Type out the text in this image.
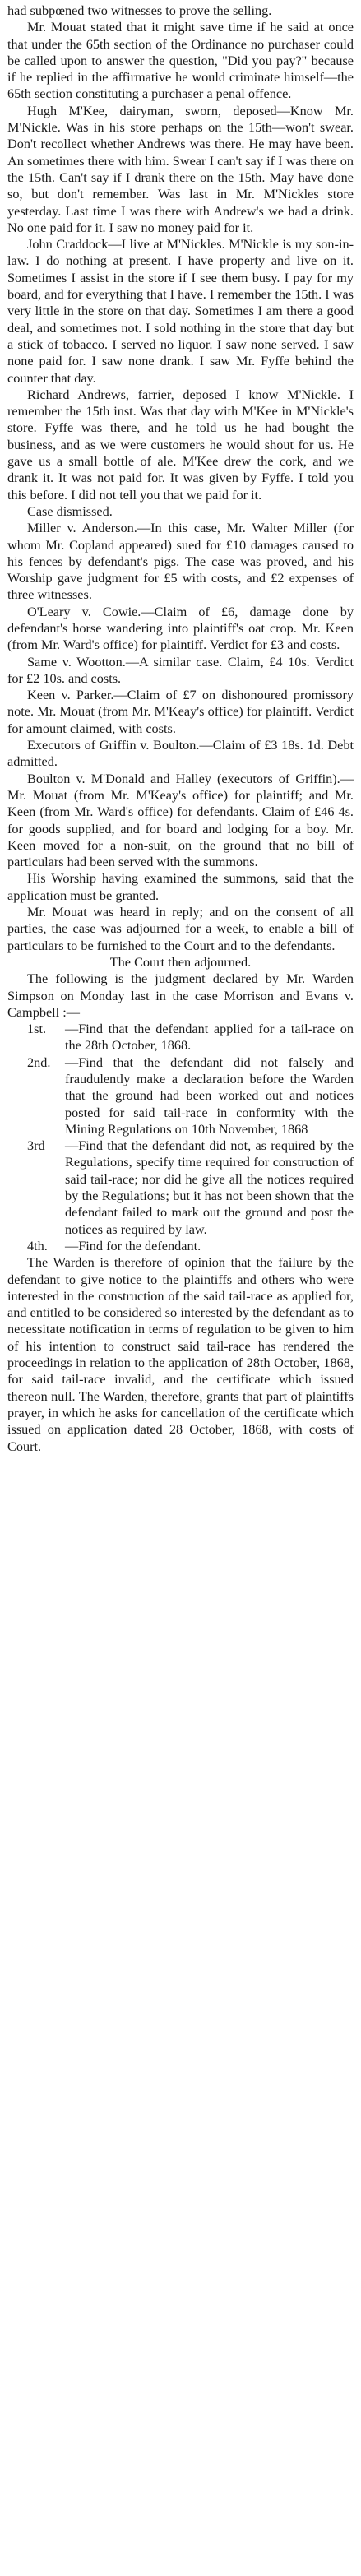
had subpœned two witnesses to prove the selling.

Mr. Mouat stated that it might save time if he said at once that under the 65th section of the Ordinance no purchaser could be called upon to answer the question, "Did you pay?" because if he replied in the affirmative he would criminate himself—the 65th section constituting a purchaser a penal offence.

Hugh M'Kee, dairyman, sworn, deposed—Know Mr. M'Nickle. Was in his store perhaps on the 15th—won't swear. Don't recollect whether Andrews was there. He may have been. An sometimes there with him. Swear I can't say if I was there on the 15th. Can't say if I drank there on the 15th. May have done so, but don't remember. Was last in Mr. M'Nickles store yesterday. Last time I was there with Andrew's we had a drink. No one paid for it. I saw no money paid for it.

John Craddock—I live at M'Nickles. M'Nickle is my son-in-law. I do nothing at present. I have property and live on it. Sometimes I assist in the store if I see them busy. I pay for my board, and for everything that I have. I remember the 15th. I was very little in the store on that day. Sometimes I am there a good deal, and sometimes not. I sold nothing in the store that day but a stick of tobacco. I served no liquor. I saw none served. I saw none paid for. I saw none drank. I saw Mr. Fyffe behind the counter that day.

Richard Andrews, farrier, deposed I know M'Nickle. I remember the 15th inst. Was that day with M'Kee in M'Nickle's store. Fyffe was there, and he told us he had bought the business, and as we were customers he would shout for us. He gave us a small bottle of ale. M'Kee drew the cork, and we drank it. It was not paid for. It was given by Fyffe. I told you this before. I did not tell you that we paid for it.

Case dismissed.

Miller v. Anderson.—In this case, Mr. Walter Miller (for whom Mr. Copland appeared) sued for £10 damages caused to his fences by defendant's pigs. The case was proved, and his Worship gave judgment for £5 with costs, and £2 expenses of three witnesses.

O'Leary v. Cowie.—Claim of £6, damage done by defendant's horse wandering into plaintiff's oat crop. Mr. Keen (from Mr. Ward's office) for plaintiff. Verdict for £3 and costs.

Same v. Wootton.—A similar case. Claim, £4 10s. Verdict for £2 10s. and costs.

Keen v. Parker.—Claim of £7 on dishonoured promissory note. Mr. Mouat (from Mr. M'Keay's office) for plaintiff. Verdict for amount claimed, with costs.

Executors of Griffin v. Boulton.—Claim of £3 18s. 1d. Debt admitted.

Boulton v. M'Donald and Halley (executors of Griffin).—Mr. Mouat (from Mr. M'Keay's office) for plaintiff; and Mr. Keen (from Mr. Ward's office) for defendants. Claim of £46 4s. for goods supplied, and for board and lodging for a boy. Mr. Keen moved for a non-suit, on the ground that no bill of particulars had been served with the summons.

His Worship having examined the summons, said that the application must be granted.

Mr. Mouat was heard in reply; and on the consent of all parties, the case was adjourned for a week, to enable a bill of particulars to be furnished to the Court and to the defendants.

The Court then adjourned.

The following is the judgment declared by Mr. Warden Simpson on Monday last in the case Morrison and Evans v. Campbell :—

1st.	—Find that the defendant applied for a tail-race on the 28th October, 1868.
2nd.	—Find that the defendant did not falsely and fraudulently make a declaration before the Warden that the ground had been worked out and notices posted for said tail-race in conformity with the Mining Regulations on 10th November, 1868
3rd	—Find that the defendant did not, as required by the Regulations, specify time required for construction of said tail-race; nor did he give all the notices required by the Regulations; but it has not been shown that the defendant failed to mark out the ground and post the notices as required by law.
4th.	—Find for the defendant.

The Warden is therefore of opinion that the failure by the defendant to give notice to the plaintiffs and others who were interested in the construction of the said tail-race as applied for, and entitled to be considered so interested by the defendant as to necessitate notification in terms of regulation to be given to him of his intention to construct said tail-race has rendered the proceedings in relation to the application of 28th October, 1868, for said tail-race invalid, and the certificate which issued thereon null. The Warden, therefore, grants that part of plaintiffs prayer, in which he asks for cancellation of the certificate which issued on application dated 28 October, 1868, with costs of Court.
